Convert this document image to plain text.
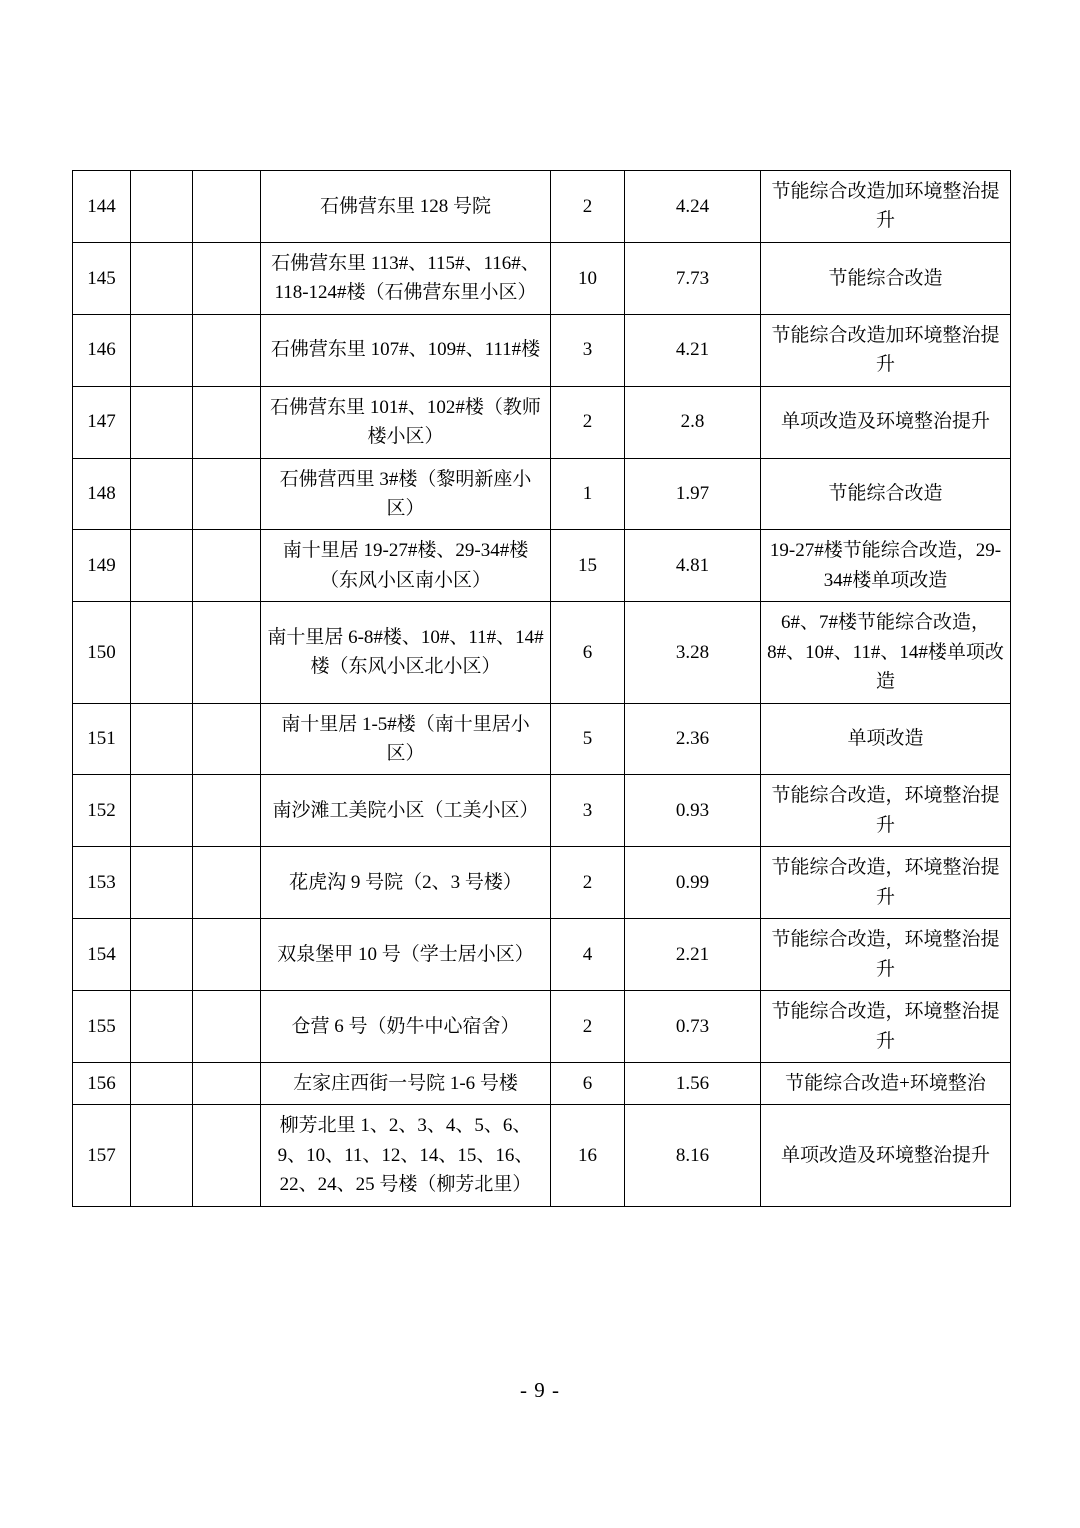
144			石佛营东里 128 号院	2	4.24	节能综合改造加环境整治提升
145			石佛营东里 113#、115#、116#、118-124#楼（石佛营东里小区）	10	7.73	节能综合改造
146			石佛营东里 107#、109#、111#楼	3	4.21	节能综合改造加环境整治提升
147			石佛营东里 101#、102#楼（教师楼小区）	2	2.8	单项改造及环境整治提升
148			石佛营西里 3#楼（黎明新座小区）	1	1.97	节能综合改造
149			南十里居 19-27#楼、29-34#楼（东风小区南小区）	15	4.81	19-27#楼节能综合改造，29-34#楼单项改造
150			南十里居 6-8#楼、10#、11#、14#楼（东风小区北小区）	6	3.28	6#、7#楼节能综合改造，8#、10#、11#、14#楼单项改造
151			南十里居 1-5#楼（南十里居小区）	5	2.36	单项改造
152			南沙滩工美院小区（工美小区）	3	0.93	节能综合改造，环境整治提升
153			花虎沟 9 号院（2、3 号楼）	2	0.99	节能综合改造，环境整治提升
154			双泉堡甲 10 号（学士居小区）	4	2.21	节能综合改造，环境整治提升
155			仓营 6 号（奶牛中心宿舍）	2	0.73	节能综合改造，环境整治提升
156			左家庄西街一号院 1-6 号楼	6	1.56	节能综合改造+环境整治
157			柳芳北里 1、2、3、4、5、6、9、10、11、12、14、15、16、22、24、25 号楼（柳芳北里）	16	8.16	单项改造及环境整治提升
- 9 -
